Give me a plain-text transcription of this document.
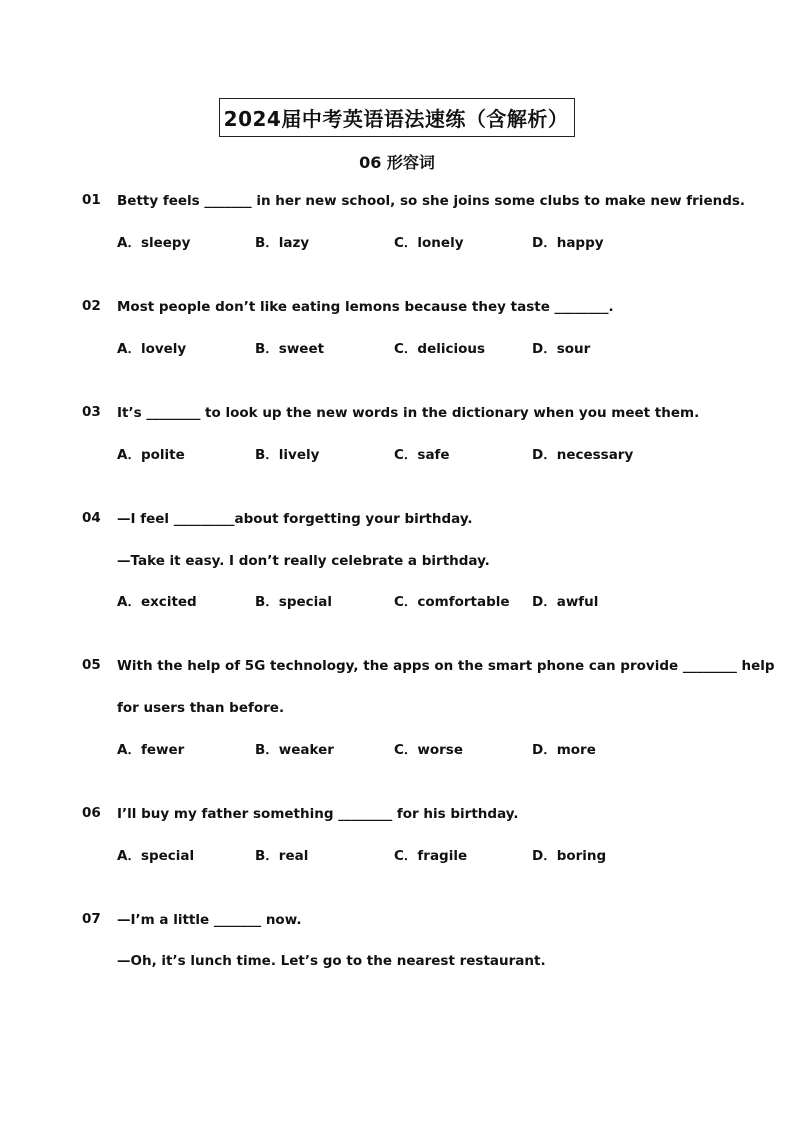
2024届中考英语语法速练（含解析）
06 形容词
01 Betty feels _______ in her new school, so she joins some clubs to make new friends.
A．sleepy	B．lazy	C．lonely	D．happy
02 Most people don’t like eating lemons because they taste ________.
A．lovely	B．sweet	C．delicious	D．sour
03 It’s ________ to look up the new words in the dictionary when you meet them.
A．polite	B．lively	C．safe	D．necessary
04 —I feel _________about forgetting your birthday.
—Take it easy. I don’t really celebrate a birthday.
A．excited	B．special	C．comfortable D．awful
05 With the help of 5G technology, the apps on the smart phone can provide ________ help
for users than before.
A．fewer	B．weaker	C．worse	D．more
06 I’ll buy my father something ________ for his birthday.
A．special	B．real	C．fragile	D．boring
07 —I’m a little _______ now.
—Oh, it’s lunch time. Let’s go to the nearest restaurant.
